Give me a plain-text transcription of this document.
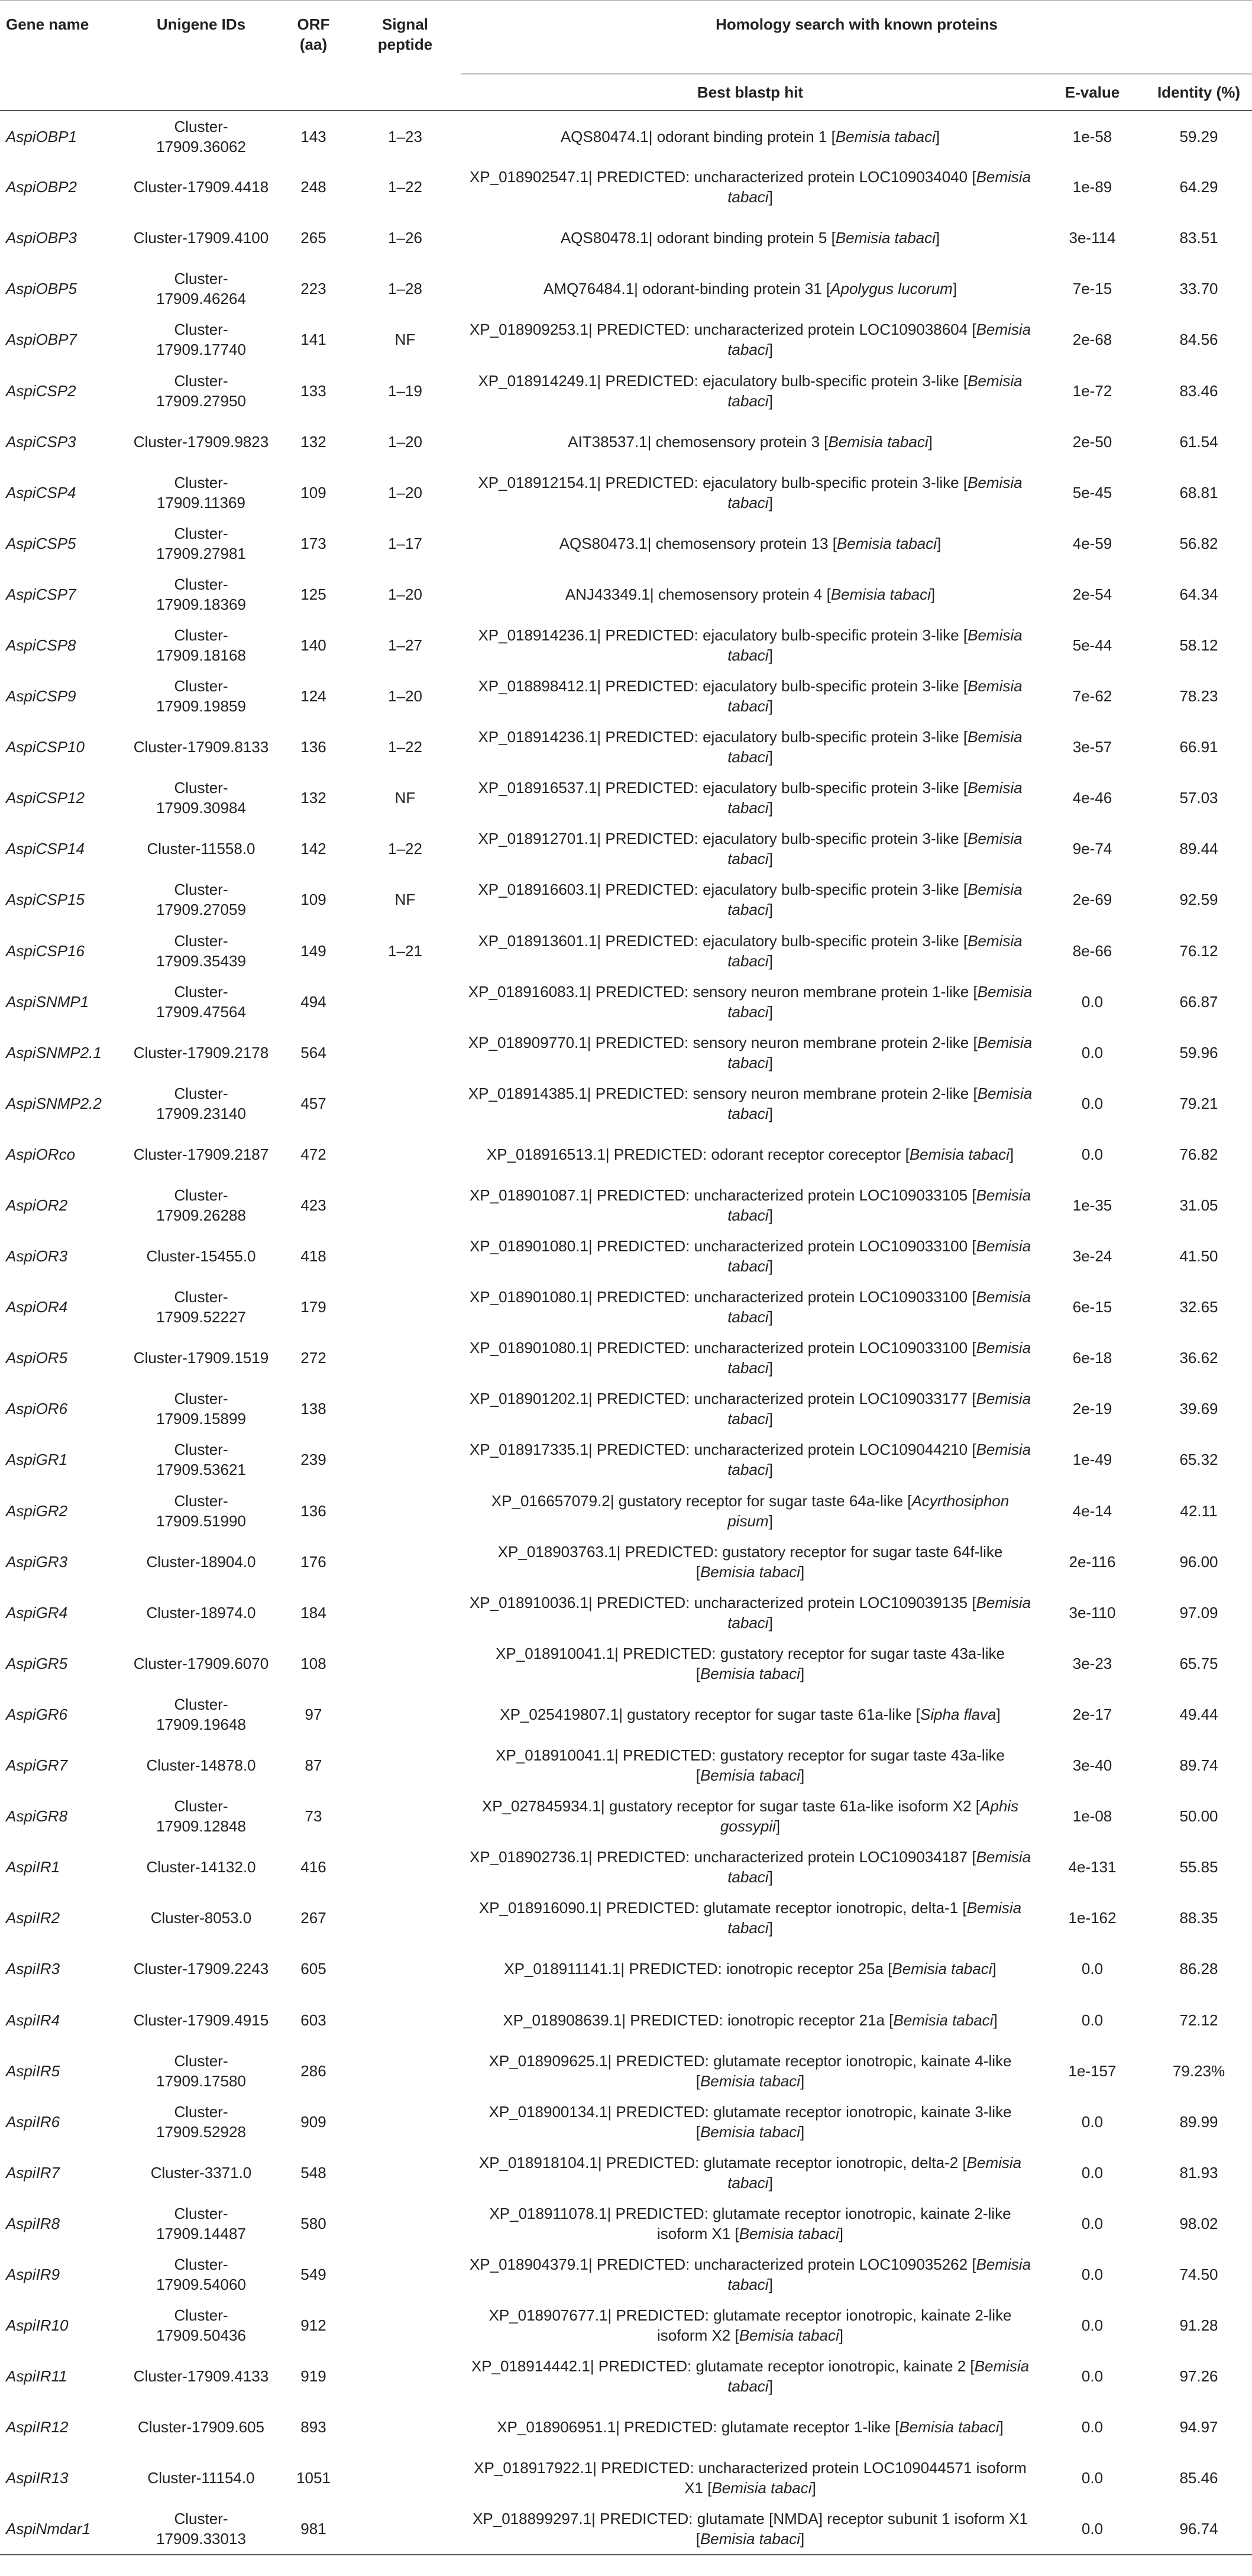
Gene name	Unigene IDs	ORF (aa)	Signal peptide	Homology search with known proteins		
				Best blastp hit	E-value	Identity (%)
AspiOBP1	Cluster-17909.36062	143	1–23	AQS80474.1| odorant binding protein 1 [Bemisia tabaci]	1e-58	59.29
AspiOBP2	Cluster-17909.4418	248	1–22	XP_018902547.1| PREDICTED: uncharacterized protein LOC109034040 [Bemisia tabaci]	1e-89	64.29
AspiOBP3	Cluster-17909.4100	265	1–26	AQS80478.1| odorant binding protein 5 [Bemisia tabaci]	3e-114	83.51
AspiOBP5	Cluster-17909.46264	223	1–28	AMQ76484.1| odorant-binding protein 31 [Apolygus lucorum]	7e-15	33.70
AspiOBP7	Cluster-17909.17740	141	NF	XP_018909253.1| PREDICTED: uncharacterized protein LOC109038604 [Bemisia tabaci]	2e-68	84.56
AspiCSP2	Cluster-17909.27950	133	1–19	XP_018914249.1| PREDICTED: ejaculatory bulb-specific protein 3-like [Bemisia tabaci]	1e-72	83.46
AspiCSP3	Cluster-17909.9823	132	1–20	AIT38537.1| chemosensory protein 3 [Bemisia tabaci]	2e-50	61.54
AspiCSP4	Cluster-17909.11369	109	1–20	XP_018912154.1| PREDICTED: ejaculatory bulb-specific protein 3-like [Bemisia tabaci]	5e-45	68.81
AspiCSP5	Cluster-17909.27981	173	1–17	AQS80473.1| chemosensory protein 13 [Bemisia tabaci]	4e-59	56.82
AspiCSP7	Cluster-17909.18369	125	1–20	ANJ43349.1| chemosensory protein 4 [Bemisia tabaci]	2e-54	64.34
AspiCSP8	Cluster-17909.18168	140	1–27	XP_018914236.1| PREDICTED: ejaculatory bulb-specific protein 3-like [Bemisia tabaci]	5e-44	58.12
AspiCSP9	Cluster-17909.19859	124	1–20	XP_018898412.1| PREDICTED: ejaculatory bulb-specific protein 3-like [Bemisia tabaci]	7e-62	78.23
AspiCSP10	Cluster-17909.8133	136	1–22	XP_018914236.1| PREDICTED: ejaculatory bulb-specific protein 3-like [Bemisia tabaci]	3e-57	66.91
AspiCSP12	Cluster-17909.30984	132	NF	XP_018916537.1| PREDICTED: ejaculatory bulb-specific protein 3-like [Bemisia tabaci]	4e-46	57.03
AspiCSP14	Cluster-11558.0	142	1–22	XP_018912701.1| PREDICTED: ejaculatory bulb-specific protein 3-like [Bemisia tabaci]	9e-74	89.44
AspiCSP15	Cluster-17909.27059	109	NF	XP_018916603.1| PREDICTED: ejaculatory bulb-specific protein 3-like [Bemisia tabaci]	2e-69	92.59
AspiCSP16	Cluster-17909.35439	149	1–21	XP_018913601.1| PREDICTED: ejaculatory bulb-specific protein 3-like [Bemisia tabaci]	8e-66	76.12
AspiSNMP1	Cluster-17909.47564	494		XP_018916083.1| PREDICTED: sensory neuron membrane protein 1-like [Bemisia tabaci]	0.0	66.87
AspiSNMP2.1	Cluster-17909.2178	564		XP_018909770.1| PREDICTED: sensory neuron membrane protein 2-like [Bemisia tabaci]	0.0	59.96
AspiSNMP2.2	Cluster-17909.23140	457		XP_018914385.1| PREDICTED: sensory neuron membrane protein 2-like [Bemisia tabaci]	0.0	79.21
AspiORco	Cluster-17909.2187	472		XP_018916513.1| PREDICTED: odorant receptor coreceptor [Bemisia tabaci]	0.0	76.82
AspiOR2	Cluster-17909.26288	423		XP_018901087.1| PREDICTED: uncharacterized protein LOC109033105 [Bemisia tabaci]	1e-35	31.05
AspiOR3	Cluster-15455.0	418		XP_018901080.1| PREDICTED: uncharacterized protein LOC109033100 [Bemisia tabaci]	3e-24	41.50
AspiOR4	Cluster-17909.52227	179		XP_018901080.1| PREDICTED: uncharacterized protein LOC109033100 [Bemisia tabaci]	6e-15	32.65
AspiOR5	Cluster-17909.1519	272		XP_018901080.1| PREDICTED: uncharacterized protein LOC109033100 [Bemisia tabaci]	6e-18	36.62
AspiOR6	Cluster-17909.15899	138		XP_018901202.1| PREDICTED: uncharacterized protein LOC109033177 [Bemisia tabaci]	2e-19	39.69
AspiGR1	Cluster-17909.53621	239		XP_018917335.1| PREDICTED: uncharacterized protein LOC109044210 [Bemisia tabaci]	1e-49	65.32
AspiGR2	Cluster-17909.51990	136		XP_016657079.2| gustatory receptor for sugar taste 64a-like [Acyrthosiphon pisum]	4e-14	42.11
AspiGR3	Cluster-18904.0	176		XP_018903763.1| PREDICTED: gustatory receptor for sugar taste 64f-like [Bemisia tabaci]	2e-116	96.00
AspiGR4	Cluster-18974.0	184		XP_018910036.1| PREDICTED: uncharacterized protein LOC109039135 [Bemisia tabaci]	3e-110	97.09
AspiGR5	Cluster-17909.6070	108		XP_018910041.1| PREDICTED: gustatory receptor for sugar taste 43a-like [Bemisia tabaci]	3e-23	65.75
AspiGR6	Cluster-17909.19648	97		XP_025419807.1| gustatory receptor for sugar taste 61a-like [Sipha flava]	2e-17	49.44
AspiGR7	Cluster-14878.0	87		XP_018910041.1| PREDICTED: gustatory receptor for sugar taste 43a-like [Bemisia tabaci]	3e-40	89.74
AspiGR8	Cluster-17909.12848	73		XP_027845934.1| gustatory receptor for sugar taste 61a-like isoform X2 [Aphis gossypii]	1e-08	50.00
AspiIR1	Cluster-14132.0	416		XP_018902736.1| PREDICTED: uncharacterized protein LOC109034187 [Bemisia tabaci]	4e-131	55.85
AspiIR2	Cluster-8053.0	267		XP_018916090.1| PREDICTED: glutamate receptor ionotropic, delta-1 [Bemisia tabaci]	1e-162	88.35
AspiIR3	Cluster-17909.2243	605		XP_018911141.1| PREDICTED: ionotropic receptor 25a [Bemisia tabaci]	0.0	86.28
AspiIR4	Cluster-17909.4915	603		XP_018908639.1| PREDICTED: ionotropic receptor 21a [Bemisia tabaci]	0.0	72.12
AspiIR5	Cluster-17909.17580	286		XP_018909625.1| PREDICTED: glutamate receptor ionotropic, kainate 4-like [Bemisia tabaci]	1e-157	79.23%
AspiIR6	Cluster-17909.52928	909		XP_018900134.1| PREDICTED: glutamate receptor ionotropic, kainate 3-like [Bemisia tabaci]	0.0	89.99
AspiIR7	Cluster-3371.0	548		XP_018918104.1| PREDICTED: glutamate receptor ionotropic, delta-2 [Bemisia tabaci]	0.0	81.93
AspiIR8	Cluster-17909.14487	580		XP_018911078.1| PREDICTED: glutamate receptor ionotropic, kainate 2-like isoform X1 [Bemisia tabaci]	0.0	98.02
AspiIR9	Cluster-17909.54060	549		XP_018904379.1| PREDICTED: uncharacterized protein LOC109035262 [Bemisia tabaci]	0.0	74.50
AspiIR10	Cluster-17909.50436	912		XP_018907677.1| PREDICTED: glutamate receptor ionotropic, kainate 2-like isoform X2 [Bemisia tabaci]	0.0	91.28
AspiIR11	Cluster-17909.4133	919		XP_018914442.1| PREDICTED: glutamate receptor ionotropic, kainate 2 [Bemisia tabaci]	0.0	97.26
AspiIR12	Cluster-17909.605	893		XP_018906951.1| PREDICTED: glutamate receptor 1-like [Bemisia tabaci]	0.0	94.97
AspiIR13	Cluster-11154.0	1051		XP_018917922.1| PREDICTED: uncharacterized protein LOC109044571 isoform X1 [Bemisia tabaci]	0.0	85.46
AspiNmdar1	Cluster-17909.33013	981		XP_018899297.1| PREDICTED: glutamate [NMDA] receptor subunit 1 isoform X1 [Bemisia tabaci]	0.0	96.74
